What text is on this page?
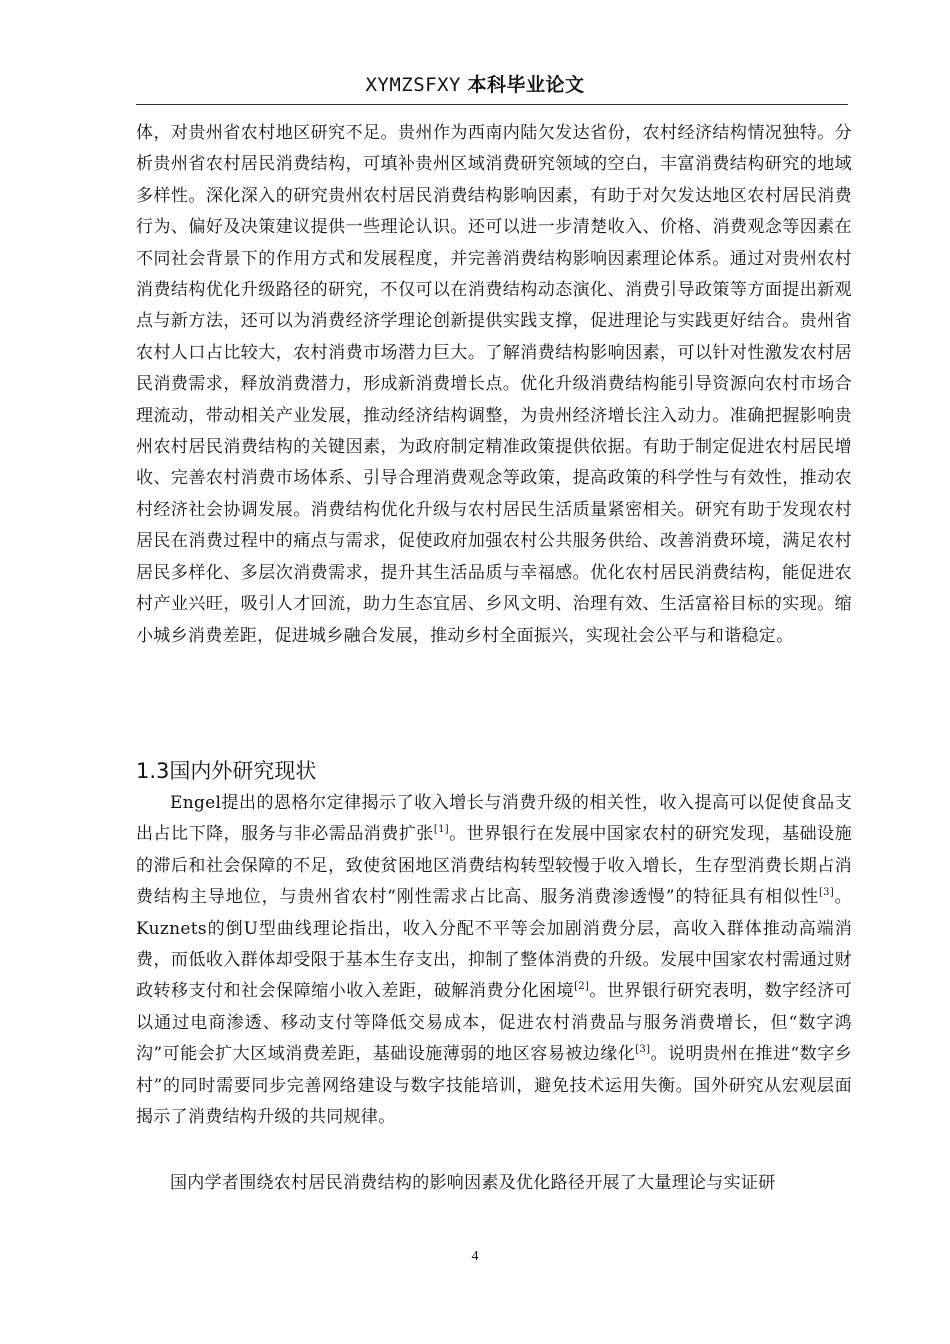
XYMZSFXY 本科毕业论文

体，对贵州省农村地区研究不足。贵州作为西南内陆欠发达省份，农村经济结构情况独特。分析贵州省农村居民消费结构，可填补贵州区域消费研究领域的空白，丰富消费结构研究的地域多样性。深化深入的研究贵州农村居民消费结构影响因素，有助于对欠发达地区农村居民消费行为、偏好及决策建议提供一些理论认识。还可以进一步清楚收入、价格、消费观念等因素在不同社会背景下的作用方式和发展程度，并完善消费结构影响因素理论体系。通过对贵州农村消费结构优化升级路径的研究，不仅可以在消费结构动态演化、消费引导政策等方面提出新观点与新方法，还可以为消费经济学理论创新提供实践支撑，促进理论与实践更好结合。贵州省农村人口占比较大，农村消费市场潜力巨大。了解消费结构影响因素，可以针对性激发农村居民消费需求，释放消费潜力，形成新消费增长点。优化升级消费结构能引导资源向农村市场合理流动，带动相关产业发展，推动经济结构调整，为贵州经济增长注入动力。准确把握影响贵州农村居民消费结构的关键因素，为政府制定精准政策提供依据。有助于制定促进农村居民增收、完善农村消费市场体系、引导合理消费观念等政策，提高政策的科学性与有效性，推动农村经济社会协调发展。消费结构优化升级与农村居民生活质量紧密相关。研究有助于发现农村居民在消费过程中的痛点与需求，促使政府加强农村公共服务供给、改善消费环境，满足农村居民多样化、多层次消费需求，提升其生活品质与幸福感。优化农村居民消费结构，能促进农村产业兴旺，吸引人才回流，助力生态宜居、乡风文明、治理有效、生活富裕目标的实现。缩小城乡消费差距，促进城乡融合发展，推动乡村全面振兴，实现社会公平与和谐稳定。

1.3国内外研究现状

Engel提出的恩格尔定律揭示了收入增长与消费升级的相关性，收入提高可以促使食品支出占比下降，服务与非必需品消费扩张[1]。世界银行在发展中国家农村的研究发现，基础设施的滞后和社会保障的不足，致使贫困地区消费结构转型较慢于收入增长，生存型消费长期占消费结构主导地位，与贵州省农村“刚性需求占比高、服务消费渗透慢”的特征具有相似性[3]。Kuznets的倒U型曲线理论指出，收入分配不平等会加剧消费分层，高收入群体推动高端消费，而低收入群体却受限于基本生存支出，抑制了整体消费的升级。发展中国家农村需通过财政转移支付和社会保障缩小收入差距，破解消费分化困境[2]。世界银行研究表明，数字经济可以通过电商渗透、移动支付等降低交易成本，促进农村消费品与服务消费增长，但“数字鸿沟”可能会扩大区域消费差距，基础设施薄弱的地区容易被边缘化[3]。说明贵州在推进“数字乡村”的同时需要同步完善网络建设与数字技能培训，避免技术运用失衡。国外研究从宏观层面揭示了消费结构升级的共同规律。

国内学者围绕农村居民消费结构的影响因素及优化路径开展了大量理论与实证研

4
